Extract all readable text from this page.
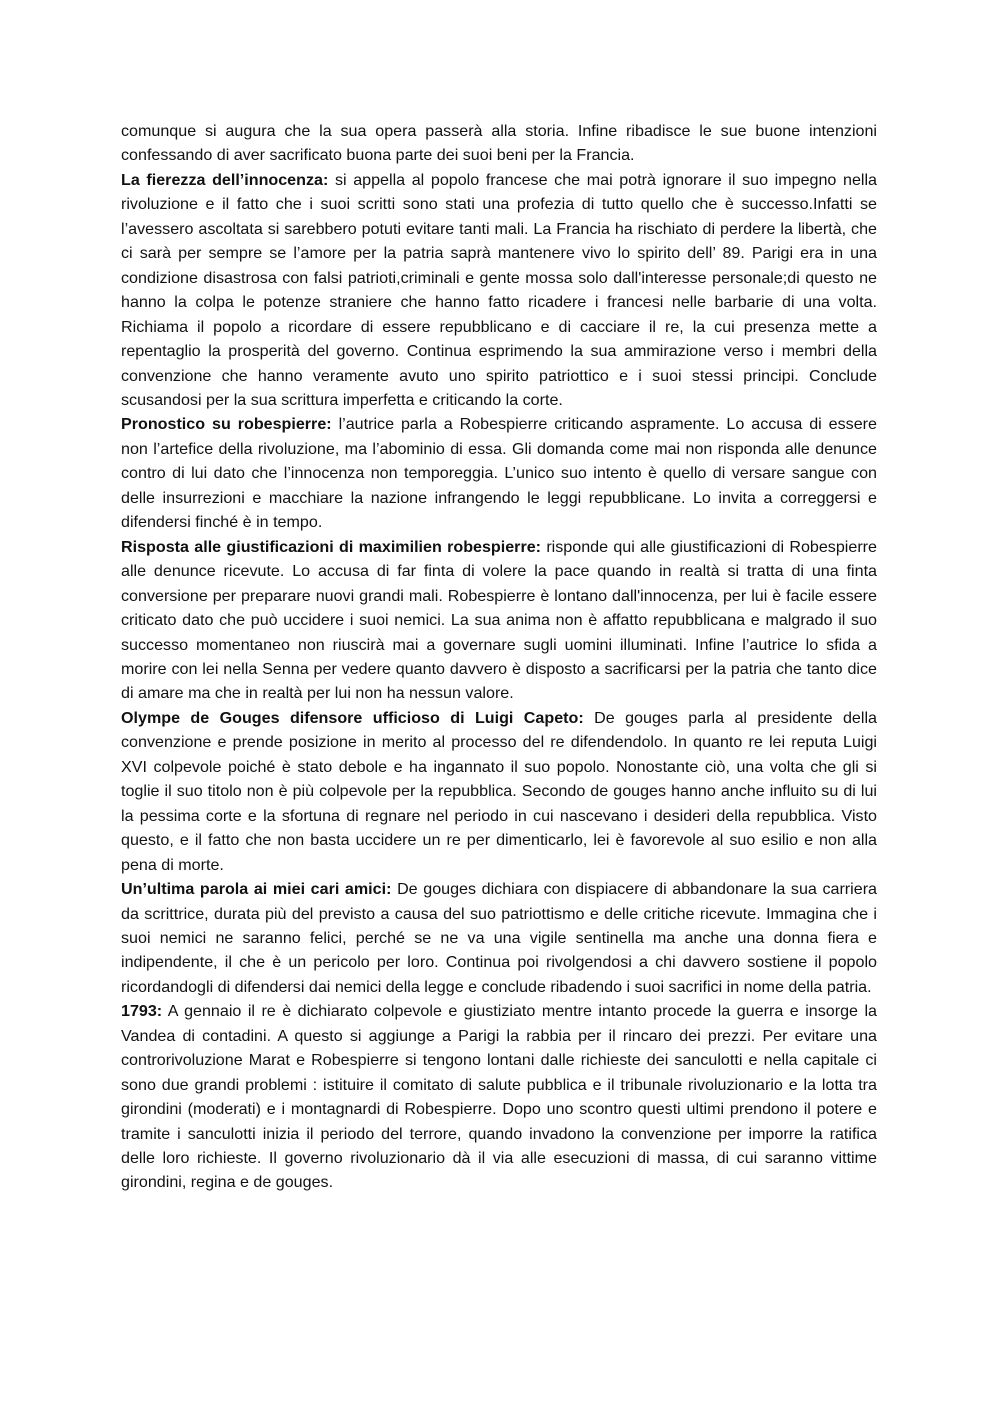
comunque si augura che la sua opera passerà alla storia. Infine ribadisce le sue buone intenzioni confessando di aver sacrificato buona parte dei suoi beni per la Francia.

La fierezza dell’innocenza: si appella al popolo francese che mai potrà ignorare il suo impegno nella rivoluzione e il fatto che i suoi scritti sono stati una profezia di tutto quello che è successo.Infatti se l’avessero ascoltata si sarebbero potuti evitare tanti mali. La Francia ha rischiato di perdere la libertà, che ci sarà per sempre se l’amore per la patria saprà mantenere vivo lo spirito dell’ 89. Parigi era in una condizione disastrosa con falsi patrioti,criminali e gente mossa solo dall'interesse personale;di questo ne hanno la colpa le potenze straniere che hanno fatto ricadere i francesi nelle barbarie di una volta. Richiama il popolo a ricordare di essere repubblicano e di cacciare il re, la cui presenza mette a repentaglio la prosperità del governo. Continua esprimendo la sua ammirazione verso i membri della convenzione che hanno veramente avuto uno spirito patriottico e i suoi stessi principi. Conclude scusandosi per la sua scrittura imperfetta e criticando la corte.

Pronostico su robespierre: l’autrice parla a Robespierre criticando aspramente. Lo accusa di essere non l’artefice della rivoluzione, ma l’abominio di essa. Gli domanda come mai non risponda alle denunce contro di lui dato che l’innocenza non temporeggia. L’unico suo intento è quello di versare sangue con delle insurrezioni e macchiare la nazione infrangendo le leggi repubblicane. Lo invita a correggersi e difendersi finché è in tempo.

Risposta alle giustificazioni di maximilien robespierre: risponde qui alle giustificazioni di Robespierre alle denunce ricevute. Lo accusa di far finta di volere la pace quando in realtà si tratta di una finta conversione per preparare nuovi grandi mali. Robespierre è lontano dall'innocenza, per lui è facile essere criticato dato che può uccidere i suoi nemici. La sua anima non è affatto repubblicana e malgrado il suo successo momentaneo non riuscirà mai a governare sugli uomini illuminati. Infine l’autrice lo sfida a morire con lei nella Senna per vedere quanto davvero è disposto a sacrificarsi per la patria che tanto dice di amare ma che in realtà per lui non ha nessun valore.

Olympe de Gouges difensore ufficioso di Luigi Capeto: De gouges parla al presidente della convenzione e prende posizione in merito al processo del re difendendolo. In quanto re lei reputa Luigi XVI colpevole poiché è stato debole e ha ingannato il suo popolo. Nonostante ciò, una volta che gli si toglie il suo titolo non è più colpevole per la repubblica. Secondo de gouges hanno anche influito su di lui la pessima corte e la sfortuna di regnare nel periodo in cui nascevano i desideri della repubblica. Visto questo, e il fatto che non basta uccidere un re per dimenticarlo, lei è favorevole al suo esilio e non alla pena di morte.

Un’ultima parola ai miei cari amici: De gouges dichiara con dispiacere di abbandonare la sua carriera da scrittrice, durata più del previsto a causa del suo patriottismo e delle critiche ricevute. Immagina che i suoi nemici ne saranno felici, perché se ne va una vigile sentinella ma anche una donna fiera e indipendente, il che è un pericolo per loro. Continua poi rivolgendosi a chi davvero sostiene il popolo ricordandogli di difendersi dai nemici della legge e conclude ribadendo i suoi sacrifici in nome della patria.

1793: A gennaio il re è dichiarato colpevole e giustiziato mentre intanto procede la guerra e insorge la Vandea di contadini. A questo si aggiunge a Parigi la rabbia per il rincaro dei prezzi. Per evitare una controrivoluzione Marat e Robespierre si tengono lontani dalle richieste dei sanculotti e nella capitale ci sono due grandi problemi : istituire il comitato di salute pubblica e il tribunale rivoluzionario e la lotta tra girondini (moderati) e i montagnardi di Robespierre. Dopo uno scontro questi ultimi prendono il potere e tramite i sanculotti inizia il periodo del terrore, quando invadono la convenzione per imporre la ratifica delle loro richieste. Il governo rivoluzionario dà il via alle esecuzioni di massa, di cui saranno vittime girondini, regina e de gouges.
